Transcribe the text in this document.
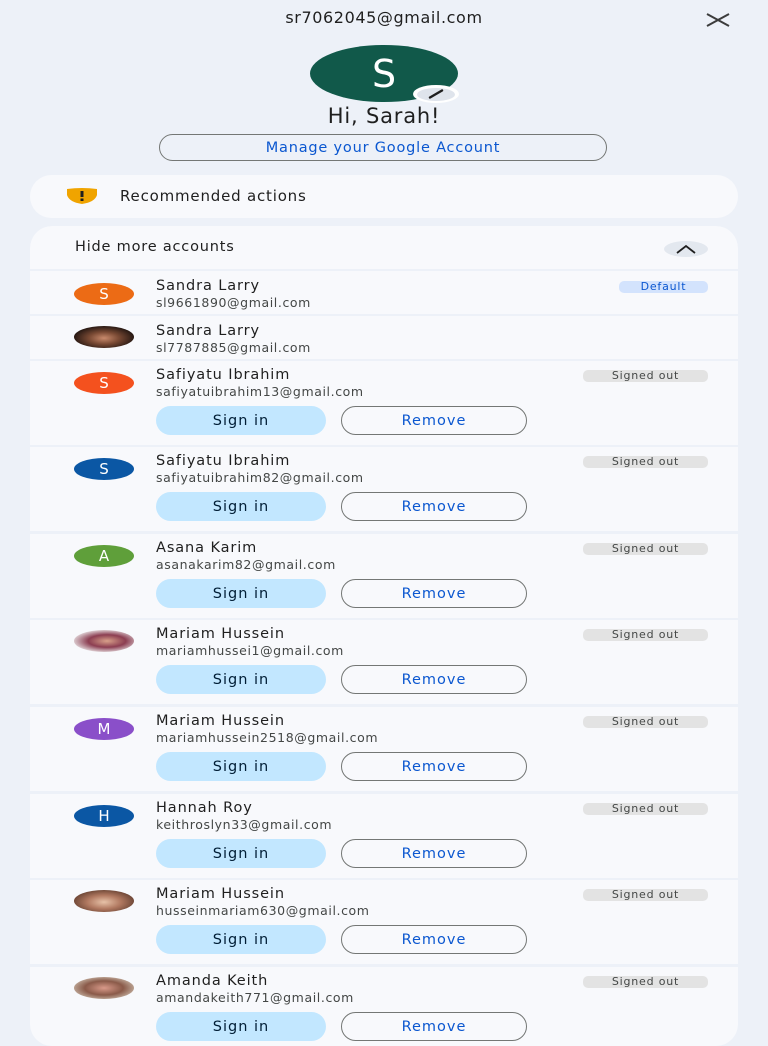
sr7062045@gmail.com
S
Hi, Sarah!
Manage your Google Account
Recommended actions
Hide more accounts
S	Sandra Larry
sl9661890@gmail.com
Default
Sandra Larry
sl7787885@gmail.com
S	Safiyatu Ibrahim
safiyatuibrahim13@gmail.com
Signed out
Sign in	Remove
S	Safiyatu Ibrahim
safiyatuibrahim82@gmail.com
Signed out
Sign in	Remove
A	Asana Karim
asanakarim82@gmail.com
Signed out
Sign in	Remove
Mariam Hussein
mariamhussei1@gmail.com
Signed out
Sign in	Remove
M	Mariam Hussein
mariamhussein2518@gmail.com
Signed out
Sign in	Remove
H	Hannah Roy
keithroslyn33@gmail.com
Signed out
Sign in	Remove
Mariam Hussein
husseinmariam630@gmail.com
Signed out
Sign in	Remove
Amanda Keith
amandakeith771@gmail.com
Signed out
Sign in	Remove
